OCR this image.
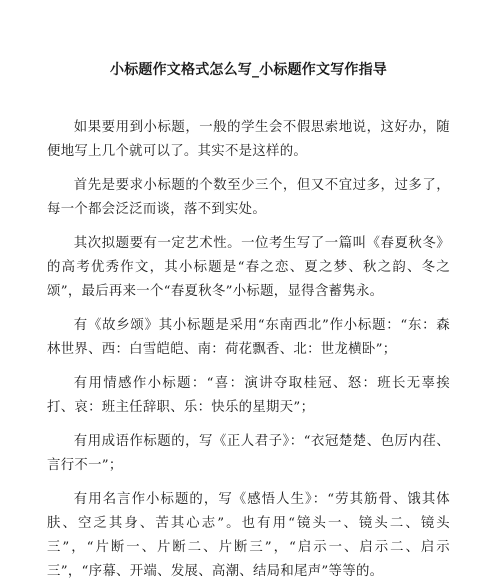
小标题作文格式怎么写_小标题作文写作指导

如果要用到小标题，一般的学生会不假思索地说，这好办，随便地写上几个就可以了。其实不是这样的。

首先是要求小标题的个数至少三个，但又不宜过多，过多了，每一个都会泛泛而谈，落不到实处。

其次拟题要有一定艺术性。一位考生写了一篇叫《春夏秋冬》的高考优秀作文，其小标题是“春之恋、夏之梦、秋之韵、冬之颂”，最后再来一个“春夏秋冬”小标题，显得含蓄隽永。

有《故乡颂》其小标题是采用“东南西北”作小标题：“东：森林世界、西：白雪皑皑、南：荷花飘香、北：世龙横卧”；

有用情感作小标题：“喜：演讲夺取桂冠、怒：班长无辜挨打、哀：班主任辞职、乐：快乐的星期天”；

有用成语作标题的，写《正人君子》：“衣冠楚楚、色厉内荏、言行不一”；

有用名言作小标题的，写《感悟人生》：“劳其筋骨、饿其体肤、空乏其身、苦其心志”。也有用“镜头一、镜头二、镜头三”，“片断一、片断二、片断三”，“启示一、启示二、启示三”，“序幕、开端、发展、高潮、结局和尾声”等等的。
